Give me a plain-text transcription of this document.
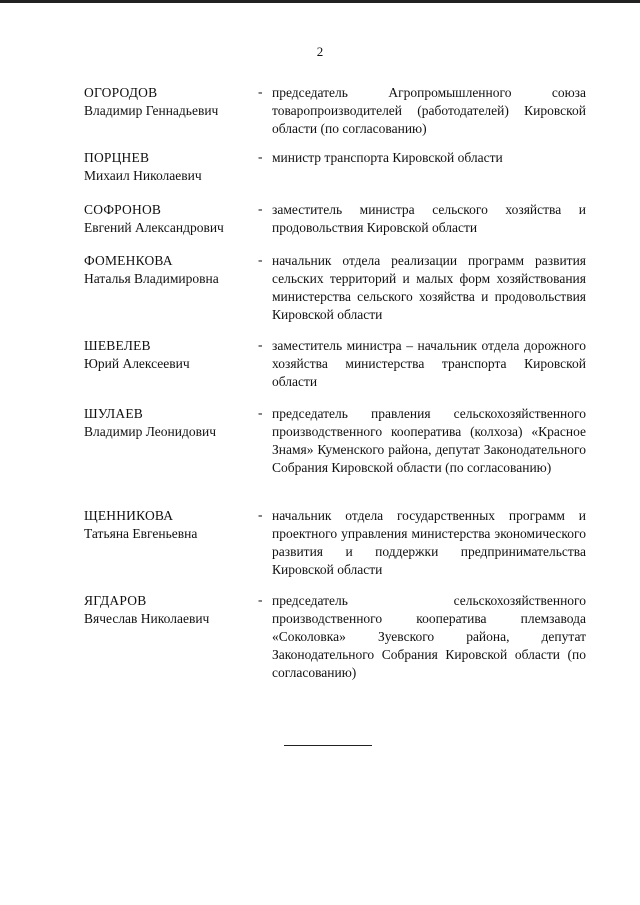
2
ОГОРОДОВ
Владимир Геннадьевич
- председатель Агропромышленного союза товаропроизводителей (работодателей) Кировской области (по согласованию)
ПОРЦНЕВ
Михаил Николаевич
- министр транспорта Кировской области
СОФРОНОВ
Евгений Александрович
- заместитель министра сельского хозяйства и продовольствия Кировской области
ФОМЕНКОВА
Наталья Владимировна
- начальник отдела реализации программ развития сельских территорий и малых форм хозяйствования министерства сельского хозяйства и продовольствия Кировской области
ШЕВЕЛЕВ
Юрий Алексеевич
- заместитель министра – начальник отдела дорожного хозяйства министерства транспорта Кировской области
ШУЛАЕВ
Владимир Леонидович
- председатель правления сельскохозяйственного производственного кооператива (колхоза) «Красное Знамя» Куменского района, депутат Законодательного Собрания Кировской области (по согласованию)
ЩЕННИКОВА
Татьяна Евгеньевна
- начальник отдела государственных программ и проектного управления министерства экономического развития и поддержки предпринимательства Кировской области
ЯГДАРОВ
Вячеслав Николаевич
- председатель сельскохозяйственного производственного кооператива племзавода «Соколовка» Зуевского района, депутат Законодательного Собрания Кировской области (по согласованию)
